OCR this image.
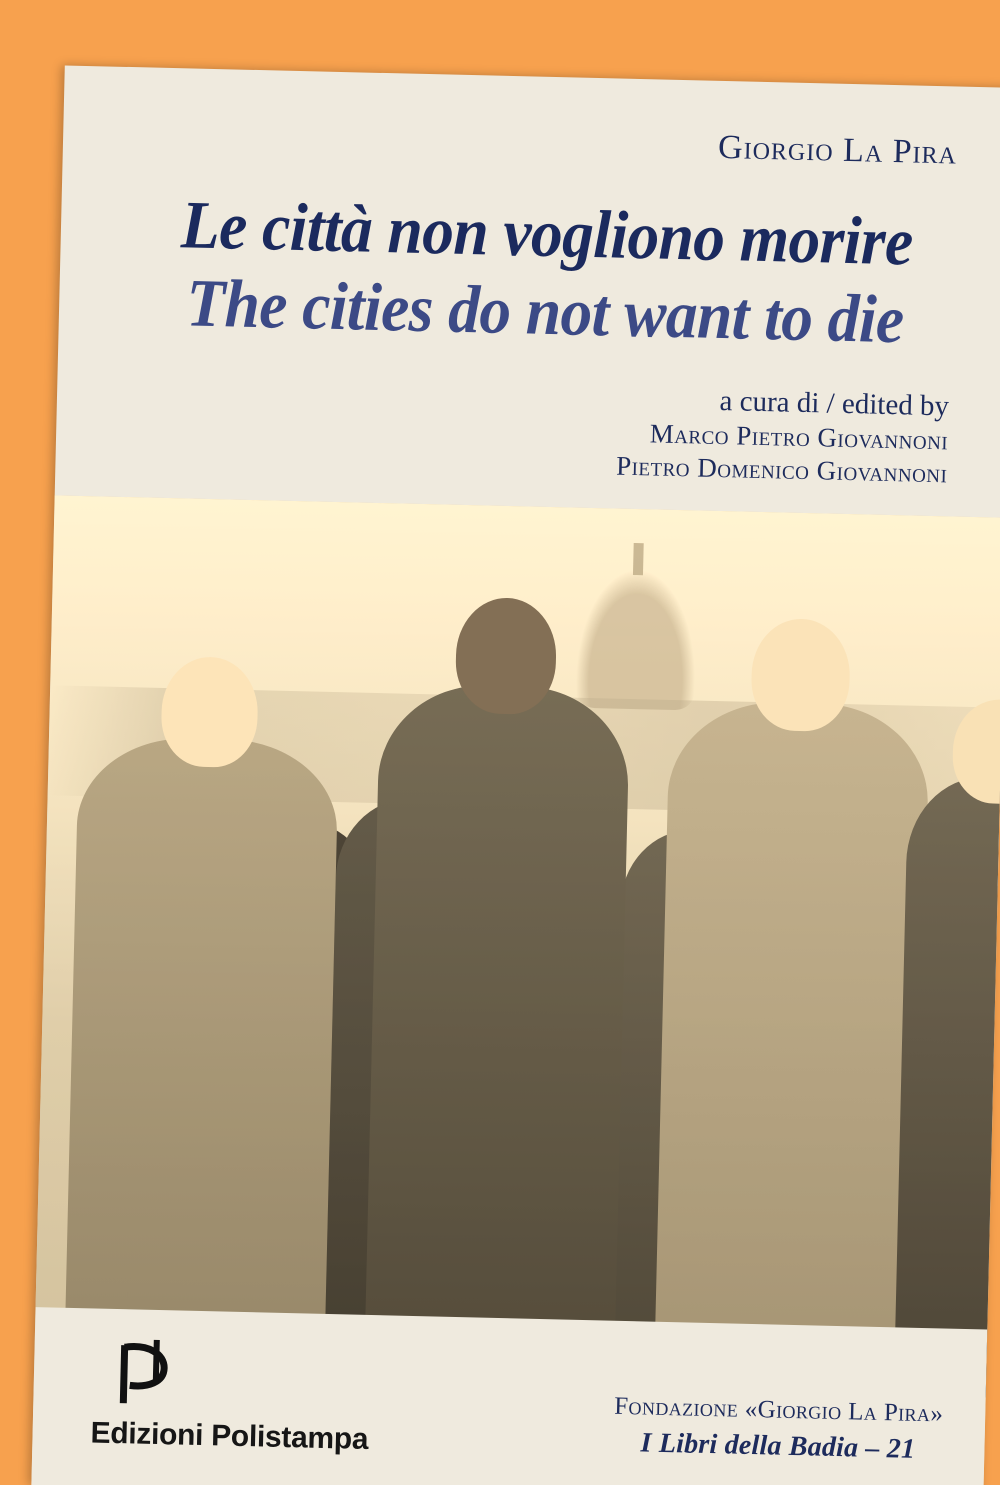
Giorgio La Pira
Le città non vogliono morire
The cities do not want to die
a cura di / edited by
Marco Pietro Giovannoni
Pietro Domenico Giovannoni
Edizioni Polistampa
Fondazione «Giorgio La Pira»
I Libri della Badia – 21
